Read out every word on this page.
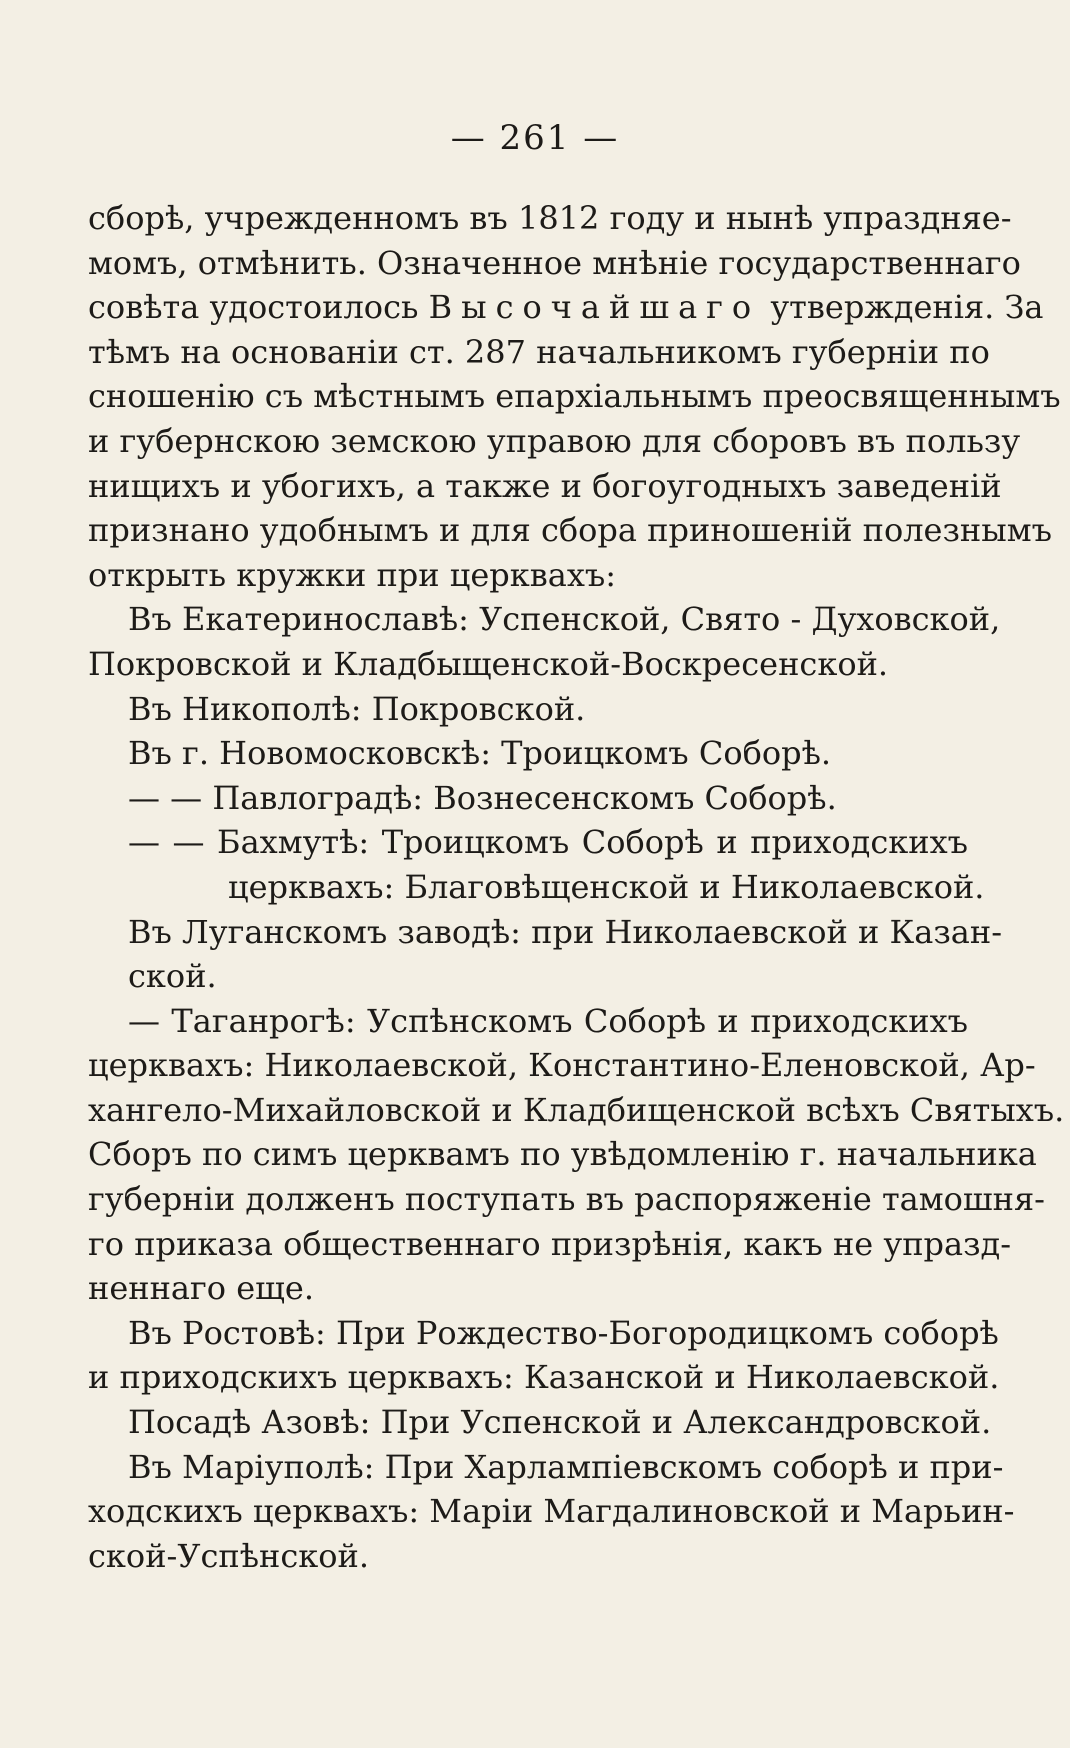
— 261 —
сборѣ, учрежденномъ въ 1812 году и нынѣ упраздняе-
момъ, отмѣнить. Означенное мнѣніе государственнаго
совѣта удостоилось Высочайшаго утвержденія. За
тѣмъ на основаніи ст. 287 начальникомъ губерніи по
сношенію съ мѣстнымъ епархіальнымъ преосвященнымъ
и губернскою земскою управою для сборовъ въ пользу
нищихъ и убогихъ, а также и богоугодныхъ заведеній
признано удобнымъ и для сбора приношеній полезнымъ
открыть кружки при церквахъ:
Въ Екатеринославѣ: Успенской, Свято - Духовской,
Покровской и Кладбыщенской-Воскресенской.
Въ Никополѣ: Покровской.
Въ г. Новомосковскѣ: Троицкомъ Соборѣ.
— — Павлоградѣ: Вознесенскомъ Соборѣ.
— — Бахмутѣ: Троицкомъ Соборѣ и приходскихъ
церквахъ: Благовѣщенской и Николаевской.
Въ Луганскомъ заводѣ: при Николаевской и Казан-
ской.
— Таганрогѣ: Успѣнскомъ Соборѣ и приходскихъ
церквахъ: Николаевской, Константино-Еленовской, Ар-
хангело-Михайловской и Кладбищенской всѣхъ Святыхъ.
Сборъ по симъ церквамъ по увѣдомленію г. начальника
губерніи долженъ поступать въ распоряженіе тамошня-
го приказа общественнаго призрѣнія, какъ не упразд-
неннаго еще.
Въ Ростовѣ: При Рождество-Богородицкомъ соборѣ
и приходскихъ церквахъ: Казанской и Николаевской.
Посадѣ Азовѣ: При Успенской и Александровской.
Въ Маріуполѣ: При Харлампіевскомъ соборѣ и при-
ходскихъ церквахъ: Маріи Магдалиновской и Марьин-
ской-Успѣнской.
